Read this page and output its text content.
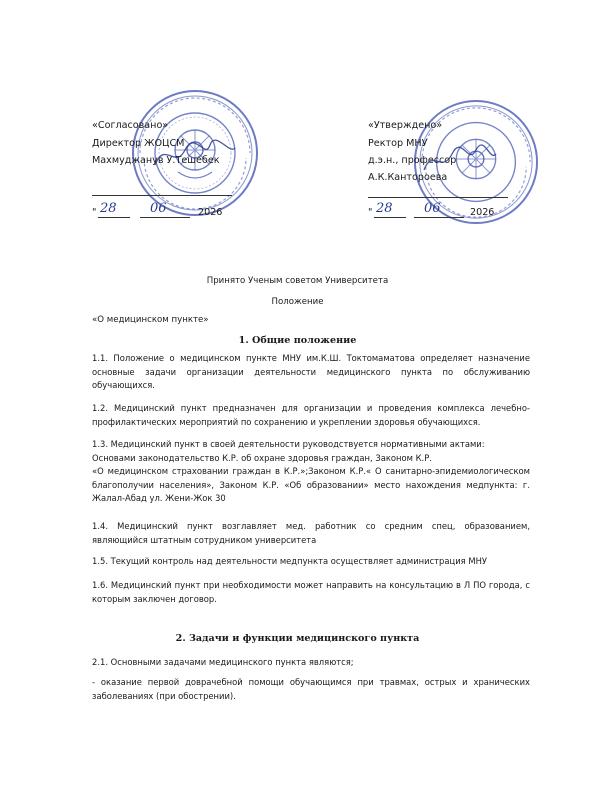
«Согласовано»
Директор ЖОЦСМ
Махмуджанув У.Тешебек
" 28	06	2026
«Утверждено»
Ректор МНУ
д.э.н., профессор
А.К.Кантороева
" 28 06	2026
Принято Ученым советом Университета
Положение
«О медицинском пункте»
1. Общие положение

1.1. Положение о медицинском пункте МНУ им.К.Ш. Токтомаматова определяет назначение основные задачи организации деятельности медицинского пункта по обслуживанию обучающихся.

1.2. Медицинский пункт предназначен для организации и проведения комплекса лечебно-профилактических мероприятий по сохранению и укреплении здоровья обучающихся.

1.3. Медицинский пункт в своей деятельности руководствуется нормативными актами:

Основами законодательство К.Р. об охране здоровья граждан, Законом К.Р.

«О медицинском страховании граждан в К.Р.»;Законом К.Р.« О санитарно-эпидемиологическом благополучии населения», Законом К.Р. «Об образовании» место нахождения медпункта: г. Жалал-Абад ул. Жени-Жок 30

1.4. Медицинский пункт возглавляет мед. работник со средним спец, образованием, являющийся штатным сотрудником университета

1.5. Текущий контроль над деятельности медпункта осуществляет администрация МНУ

1.6. Медицинский пункт при необходимости может направить на консультацию в Л ПО города, с которым заключен договор.

2. Задачи и функции медицинского пункта

2.1. Основными задачами медицинского пункта являются;

- оказание первой доврачебной помощи обучающимся при травмах, острых и хранических заболеваниях (при обострении).
